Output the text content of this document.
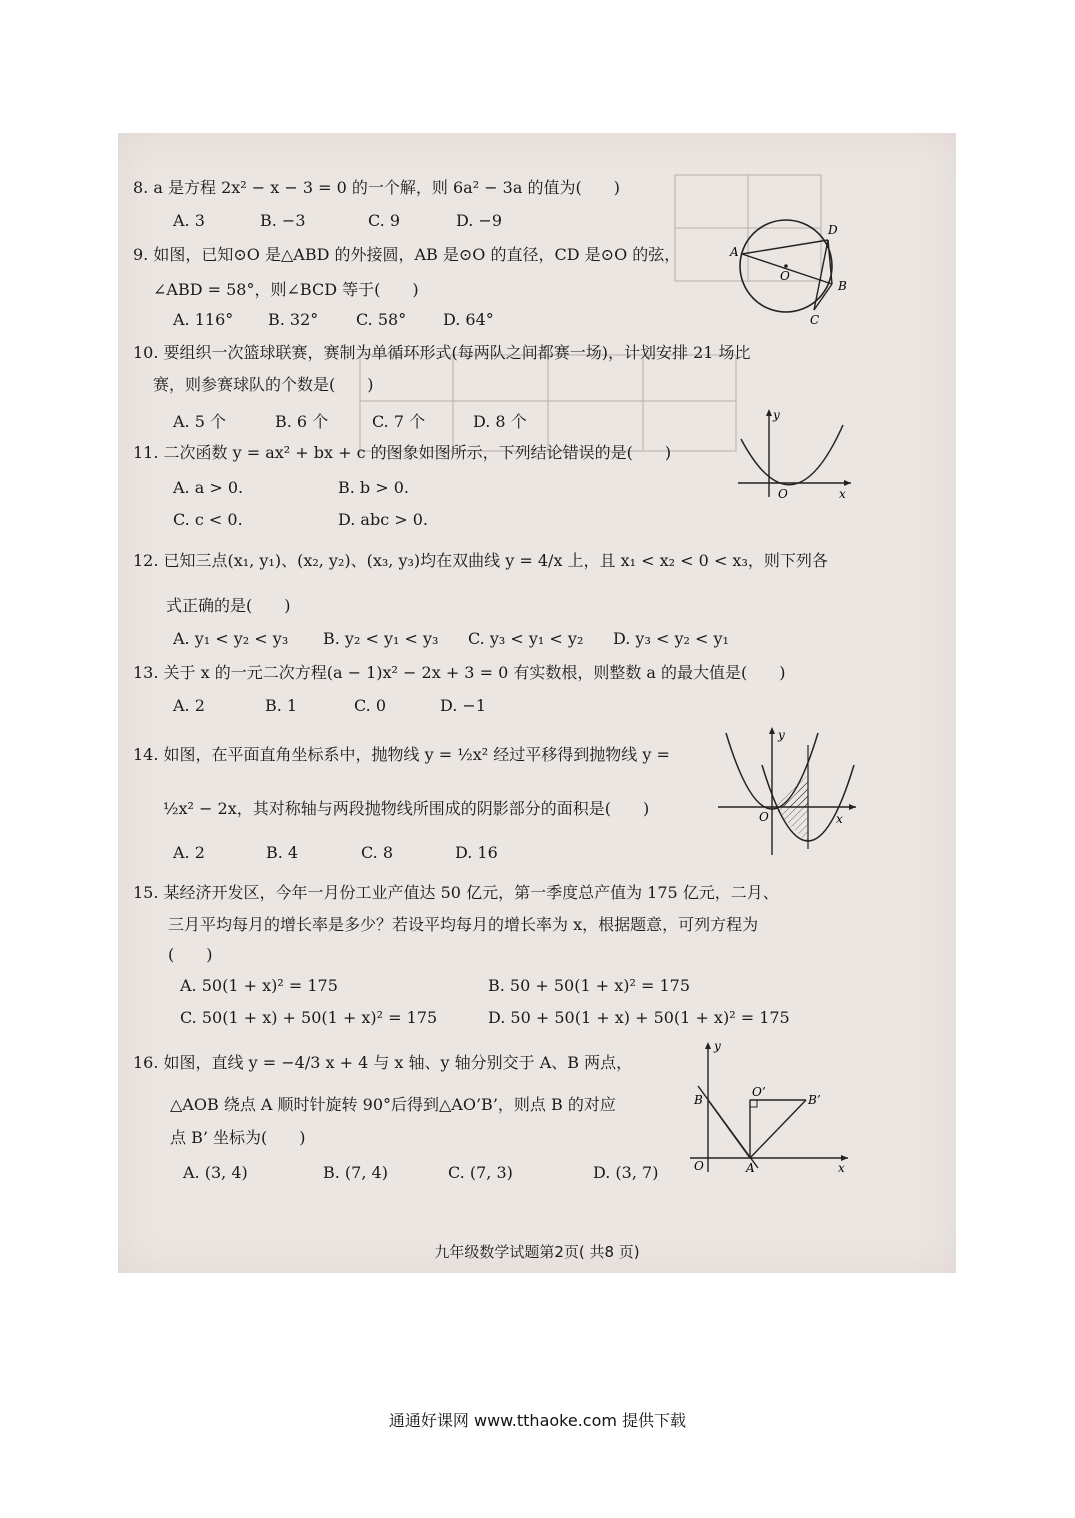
8. a 是方程 2x² − x − 3 = 0 的一个解，则 6a² − 3a 的值为(　　)
A. 3	B. −3	C. 9	D. −9
9. 如图，已知⊙O 是△ABD 的外接圆，AB 是⊙O 的直径，CD 是⊙O 的弦，
∠ABD = 58°，则∠BCD 等于(　　)
A. 116° B. 32° C. 58° D. 64°
A
D
O
B
C
10. 要组织一次篮球联赛，赛制为单循环形式(每两队之间都赛一场)，计划安排 21 场比
赛，则参赛球队的个数是(　　)
A. 5 个	B. 6 个	C. 7 个	D. 8 个
11. 二次函数 y = ax² + bx + c 的图象如图所示，下列结论错误的是(　　)
A. a > 0.	B. b > 0.
C. c < 0.	D. abc > 0.
y
O	x
12. 已知三点(x₁, y₁)、(x₂, y₂)、(x₃, y₃)均在双曲线 y = 4/x 上，且 x₁ < x₂ < 0 < x₃，则下列各
式正确的是(　　)
A. y₁ < y₂ < y₃ B. y₂ < y₁ < y₃ C. y₃ < y₁ < y₂ D. y₃ < y₂ < y₁
13. 关于 x 的一元二次方程(a − 1)x² − 2x + 3 = 0 有实数根，则整数 a 的最大值是(　　)
A. 2	B. 1	C. 0	D. −1
14. 如图，在平面直角坐标系中，抛物线 y = ½x² 经过平移得到抛物线 y =
½x² − 2x，其对称轴与两段抛物线所围成的阴影部分的面积是(　　)
A. 2	B. 4	C. 8	D. 16
y
O	x
15. 某经济开发区，今年一月份工业产值达 50 亿元，第一季度总产值为 175 亿元，二月、
三月平均每月的增长率是多少？若设平均每月的增长率为 x，根据题意，可列方程为
(　　)
A. 50(1 + x)² = 175	B. 50 + 50(1 + x)² = 175
C. 50(1 + x) + 50(1 + x)² = 175	D. 50 + 50(1 + x) + 50(1 + x)² = 175
16. 如图，直线 y = −4/3 x + 4 与 x 轴、y 轴分别交于 A、B 两点，
△AOB 绕点 A 顺时针旋转 90°后得到△AO’B’，则点 B 的对应
点 B’ 坐标为(　　)
A. (3, 4)	B. (7, 4)	C. (7, 3)	D. (3, 7)
y
B
O’
B’
O	A	x
九年级数学试题第2页( 共8 页)
通通好课网 www.tthaoke.com 提供下载
